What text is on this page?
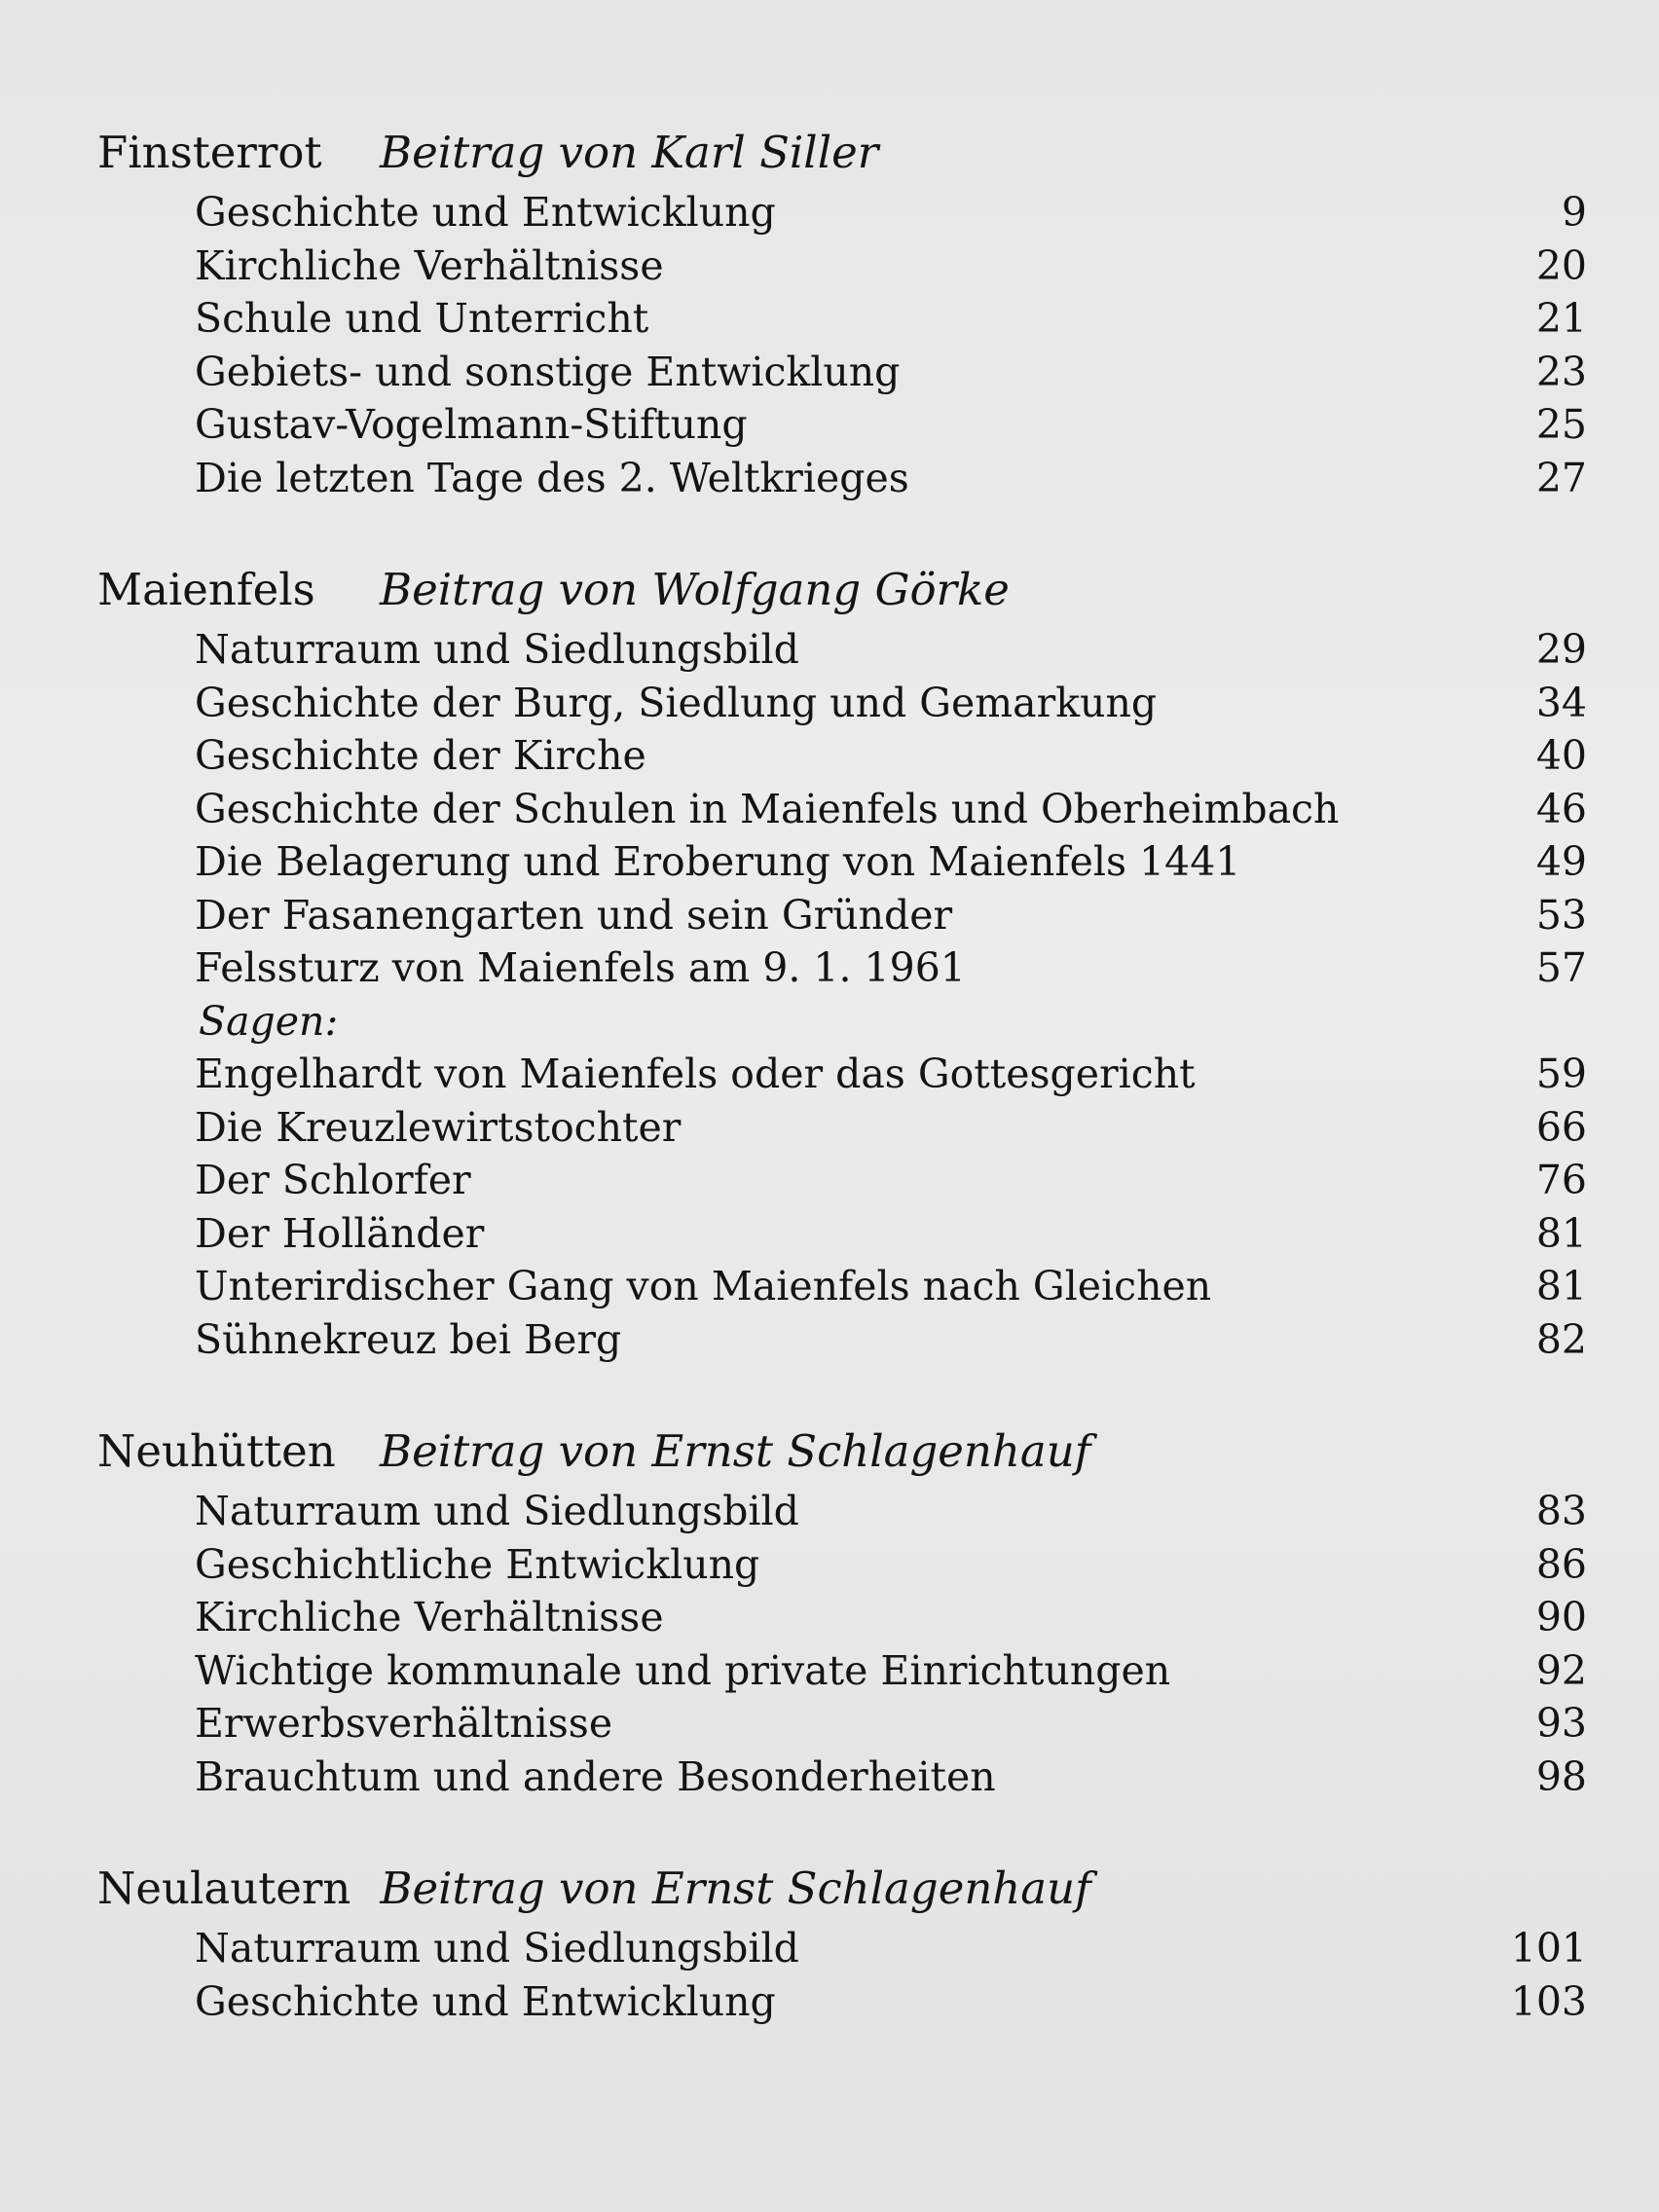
Finsterrot	Beitrag von Karl Siller
Geschichte und Entwicklung	9
Kirchliche Verhältnisse	20
Schule und Unterricht	21
Gebiets- und sonstige Entwicklung	23
Gustav-Vogelmann-Stiftung	25
Die letzten Tage des 2. Weltkrieges	27
Maienfels	Beitrag von Wolfgang Görke
Naturraum und Siedlungsbild	29
Geschichte der Burg, Siedlung und Gemarkung	34
Geschichte der Kirche	40
Geschichte der Schulen in Maienfels und Oberheimbach	46
Die Belagerung und Eroberung von Maienfels 1441	49
Der Fasanengarten und sein Gründer	53
Felssturz von Maienfels am 9. 1. 1961	57
Sagen:
Engelhardt von Maienfels oder das Gottesgericht	59
Die Kreuzlewirtstochter	66
Der Schlorfer	76
Der Holländer	81
Unterirdischer Gang von Maienfels nach Gleichen	81
Sühnekreuz bei Berg	82
Neuhütten	Beitrag von Ernst Schlagenhauf
Naturraum und Siedlungsbild	83
Geschichtliche Entwicklung	86
Kirchliche Verhältnisse	90
Wichtige kommunale und private Einrichtungen	92
Erwerbsverhältnisse	93
Brauchtum und andere Besonderheiten	98
Neulautern Beitrag von Ernst Schlagenhauf
Naturraum und Siedlungsbild	101
Geschichte und Entwicklung	103
